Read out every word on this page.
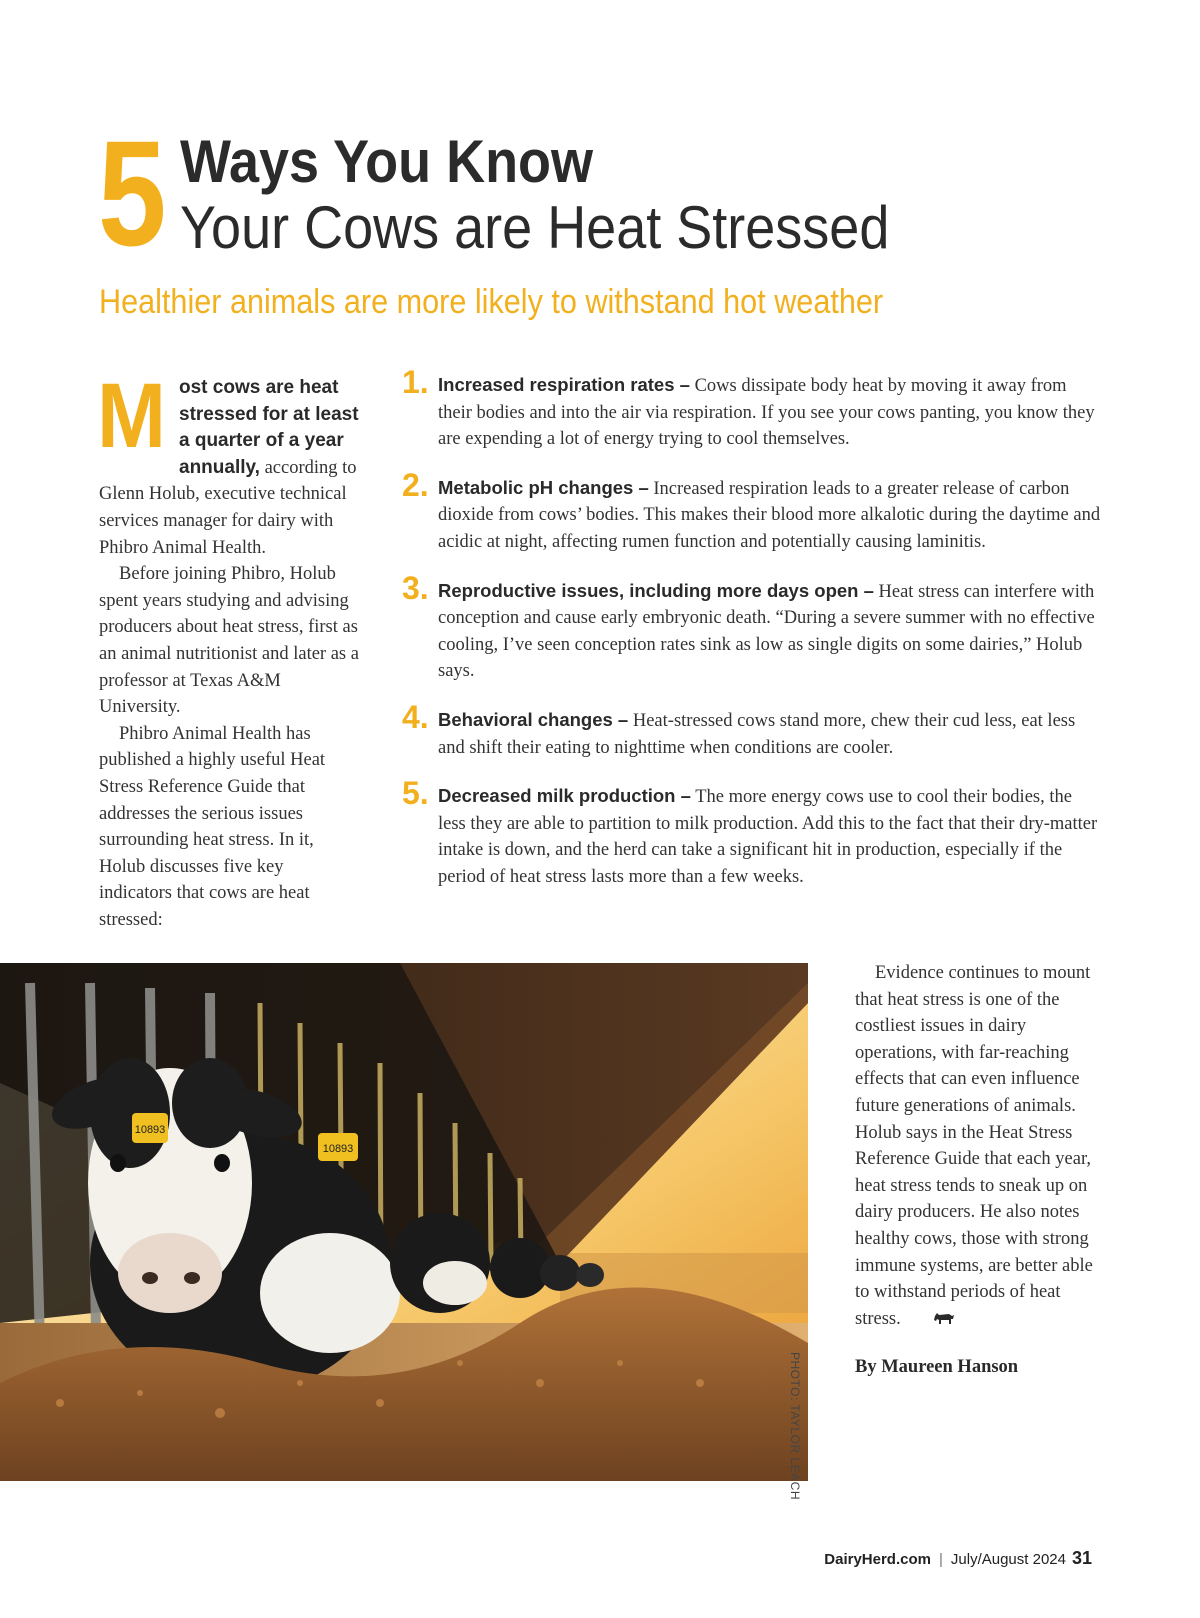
5 Ways You Know
Your Cows are Heat Stressed
Healthier animals are more likely to withstand hot weather

Most cows are heat stressed for at least a quarter of a year annually, according to Glenn Holub, executive technical services manager for dairy with Phibro Animal Health.

Before joining Phibro, Holub spent years studying and advising producers about heat stress, first as an animal nutritionist and later as a professor at Texas A&M University.

Phibro Animal Health has published a highly useful Heat Stress Reference Guide that addresses the serious issues surrounding heat stress. In it, Holub discusses five key indicators that cows are heat stressed:

1. Increased respiration rates – Cows dissipate body heat by moving it away from their bodies and into the air via respiration. If you see your cows panting, you know they are expending a lot of energy trying to cool themselves.
2. Metabolic pH changes – Increased respiration leads to a greater release of carbon dioxide from cows’ bodies. This makes their blood more alkalotic during the daytime and acidic at night, affecting rumen function and potentially causing laminitis.
3. Reproductive issues, including more days open – Heat stress can interfere with conception and cause early embryonic death. “During a severe summer with no effective cooling, I’ve seen conception rates sink as low as single digits on some dairies,” Holub says.
4. Behavioral changes – Heat-stressed cows stand more, chew their cud less, eat less and shift their eating to nighttime when conditions are cooler.
5. Decreased milk production – The more energy cows use to cool their bodies, the less they are able to partition to milk production. Add this to the fact that their dry-matter intake is down, and the herd can take a significant hit in production, especially if the period of heat stress lasts more than a few weeks.
10893
10893
PHOTO: TAYLOR LEACH

Evidence continues to mount that heat stress is one of the costliest issues in dairy operations, with far-reaching effects that can even influence future generations of animals. Holub says in the Heat Stress Reference Guide that each year, heat stress tends to sneak up on dairy producers. He also notes healthy cows, those with strong immune systems, are better able to withstand periods of heat stress.

By Maureen Hanson

DairyHerd.com | July/August 2024 31
